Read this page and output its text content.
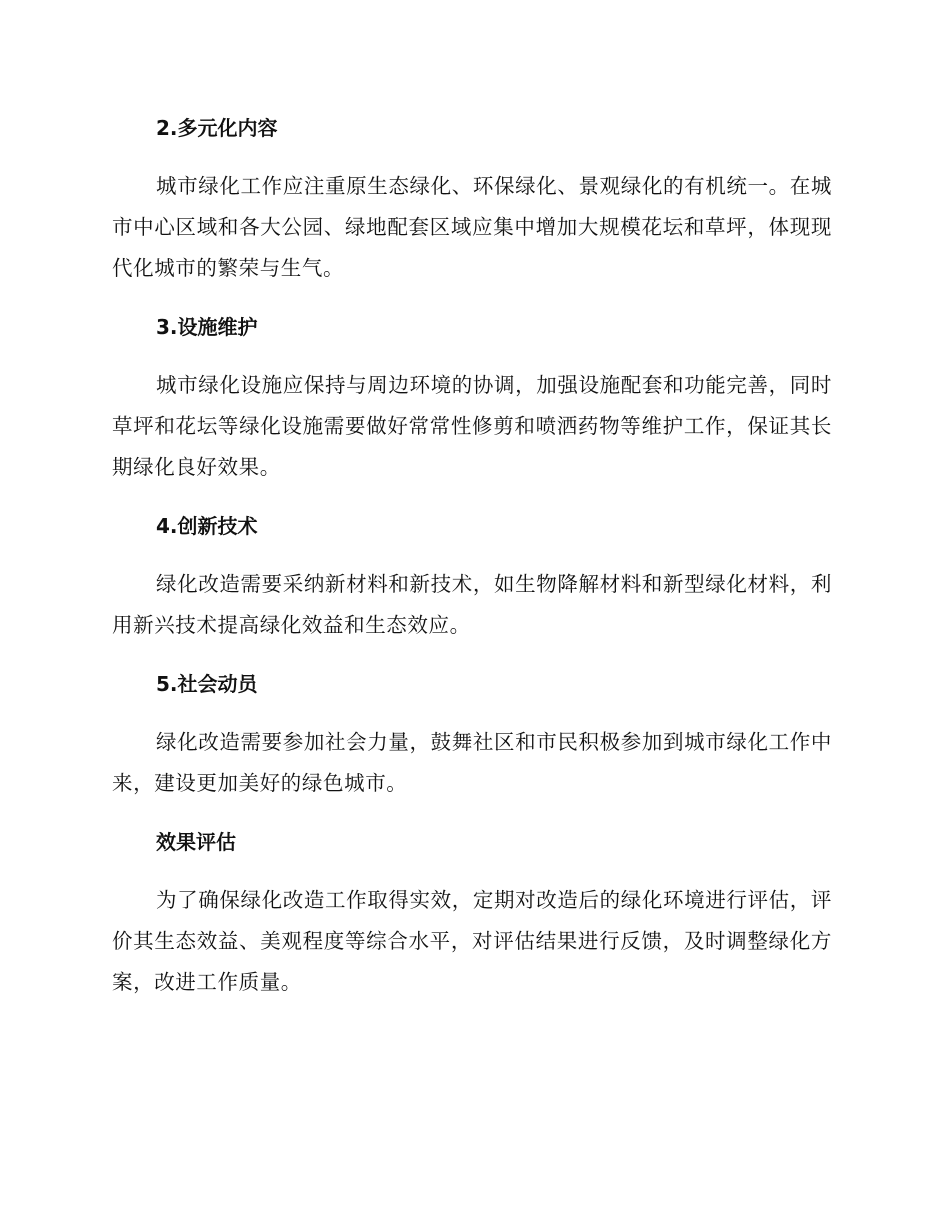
2.多元化内容

城市绿化工作应注重原生态绿化、环保绿化、景观绿化的有机统一。在城市中心区域和各大公园、绿地配套区域应集中增加大规模花坛和草坪，体现现代化城市的繁荣与生气。

3.设施维护

城市绿化设施应保持与周边环境的协调，加强设施配套和功能完善，同时草坪和花坛等绿化设施需要做好常常性修剪和喷洒药物等维护工作，保证其长期绿化良好效果。

4.创新技术

绿化改造需要采纳新材料和新技术，如生物降解材料和新型绿化材料，利用新兴技术提高绿化效益和生态效应。

5.社会动员

绿化改造需要参加社会力量，鼓舞社区和市民积极参加到城市绿化工作中来，建设更加美好的绿色城市。

效果评估

为了确保绿化改造工作取得实效，定期对改造后的绿化环境进行评估，评价其生态效益、美观程度等综合水平，对评估结果进行反馈，及时调整绿化方案，改进工作质量。
